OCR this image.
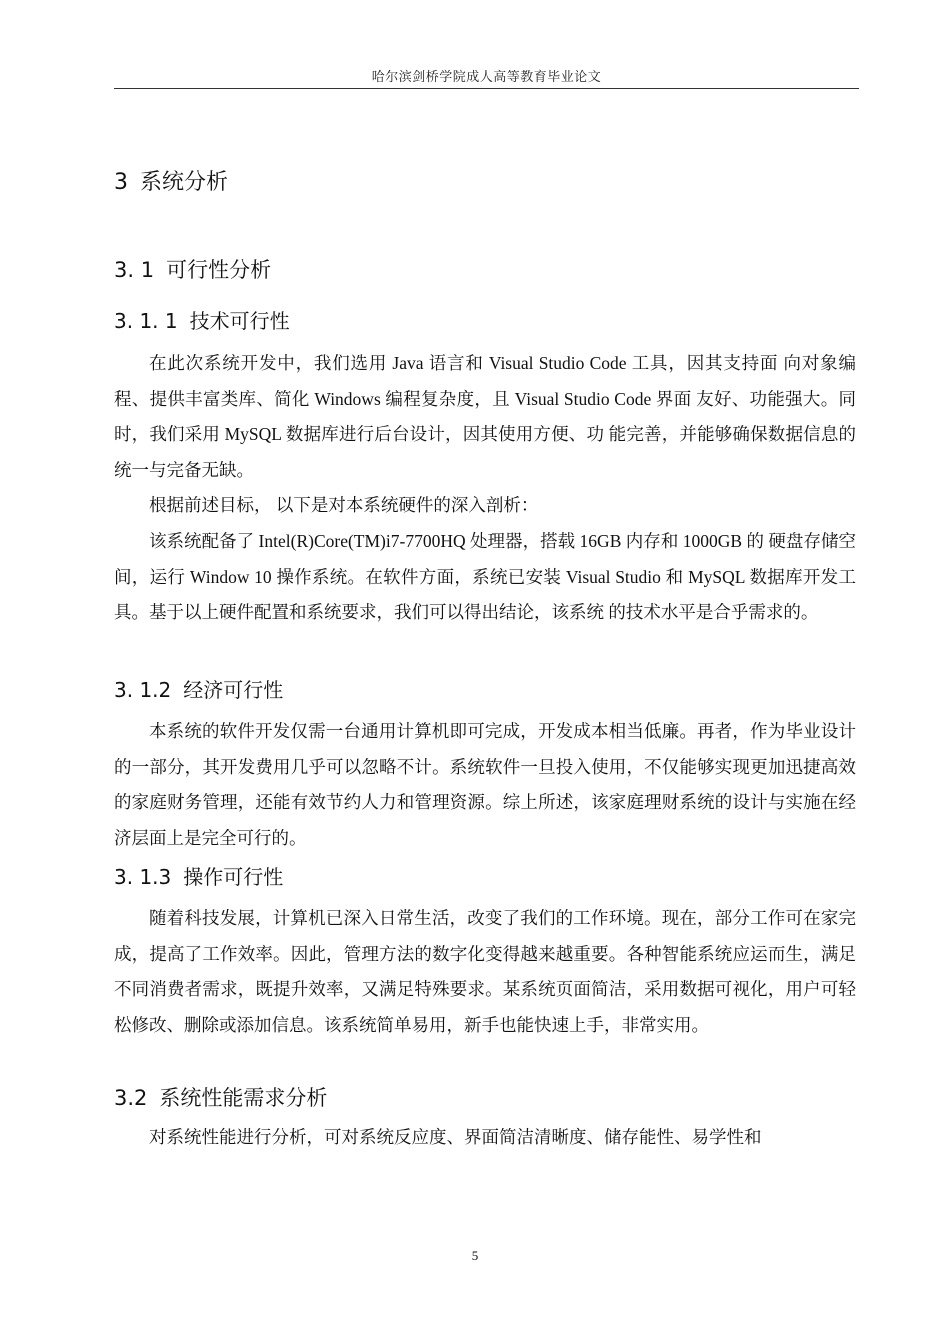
哈尔滨剑桥学院成人高等教育毕业论文
3 系统分析
3. 1 可行性分析
3. 1. 1 技术可行性

在此次系统开发中，我们选用 Java 语言和 Visual Studio Code 工具，因其支持面 向对象编程、提供丰富类库、简化 Windows 编程复杂度，且 Visual Studio Code 界面 友好、功能强大。同时，我们采用 MySQL 数据库进行后台设计，因其使用方便、功 能完善，并能够确保数据信息的统一与完备无缺。

根据前述目标， 以下是对本系统硬件的深入剖析：

该系统配备了 Intel(R)Core(TM)i7-7700HQ 处理器，搭载 16GB 内存和 1000GB 的 硬盘存储空间，运行 Window 10 操作系统。在软件方面，系统已安装 Visual Studio 和 MySQL 数据库开发工具。基于以上硬件配置和系统要求，我们可以得出结论，该系统 的技术水平是合乎需求的。

3. 1.2 经济可行性

本系统的软件开发仅需一台通用计算机即可完成，开发成本相当低廉。再者，作为毕业设计的一部分，其开发费用几乎可以忽略不计。系统软件一旦投入使用，不仅能够实现更加迅捷高效的家庭财务管理，还能有效节约人力和管理资源。综上所述，该家庭理财系统的设计与实施在经济层面上是完全可行的。

3. 1.3 操作可行性

随着科技发展，计算机已深入日常生活，改变了我们的工作环境。现在，部分工作可在家完成，提高了工作效率。因此，管理方法的数字化变得越来越重要。各种智能系统应运而生，满足不同消费者需求，既提升效率，又满足特殊要求。某系统页面简洁，采用数据可视化，用户可轻松修改、删除或添加信息。该系统简单易用，新手也能快速上手，非常实用。

3.2 系统性能需求分析

对系统性能进行分析，可对系统反应度、界面简洁清晰度、储存能性、易学性和

5
